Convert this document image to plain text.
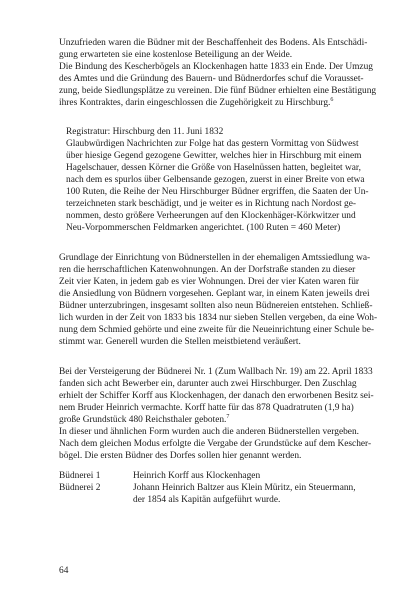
Unzufrieden waren die Büdner mit der Beschaffenheit des Bodens. Als Entschädi-
gung erwarteten sie eine kostenlose Beteiligung an der Weide.

Die Bindung des Kescherbögels an Klockenhagen hatte 1833 ein Ende. Der Umzug
des Amtes und die Gründung des Bauern- und Büdnerdorfes schuf die Vorausset-
zung, beide Siedlungsplätze zu vereinen. Die fünf Büdner erhielten eine Bestätigung
ihres Kontraktes, darin eingeschlossen die Zugehörigkeit zu Hirschburg.$^6$

Registratur: Hirschburg den 11. Juni 1832
Glaubwürdigen Nachrichten zur Folge hat das gestern Vormittag von Südwest
über hiesige Gegend gezogene Gewitter, welches hier in Hirschburg mit einem
Hagelschauer, dessen Körner die Größe von Haselnüssen hatten, begleitet war,
nach dem es spurlos über Gelbensande gezogen, zuerst in einer Breite von etwa
100 Ruten, die Reihe der Neu Hirschburger Büdner ergriffen, die Saaten der Un-
terzeichneten stark beschädigt, und je weiter es in Richtung nach Nordost ge-
nommen, desto größere Verheerungen auf den Klockenhäger-Körkwitzer und
Neu-Vorpommerschen Feldmarken angerichtet. (100 Ruten = 460 Meter)

Grundlage der Einrichtung von Büdnerstellen in der ehemaligen Amtssiedlung wa-
ren die herrschaftlichen Katenwohnungen. An der Dorfstraße standen zu dieser
Zeit vier Katen, in jedem gab es vier Wohnungen. Drei der vier Katen waren für
die Ansiedlung von Büdnern vorgesehen. Geplant war, in einem Katen jeweils drei
Büdner unterzubringen, insgesamt sollten also neun Büdnereien entstehen. Schließ-
lich wurden in der Zeit von 1833 bis 1834 nur sieben Stellen vergeben, da eine Woh-
nung dem Schmied gehörte und eine zweite für die Neueinrichtung einer Schule be-
stimmt war. Generell wurden die Stellen meistbietend veräußert.

Bei der Versteigerung der Büdnerei Nr. 1 (Zum Wallbach Nr. 19) am 22. April 1833
fanden sich acht Bewerber ein, darunter auch zwei Hirschburger. Den Zuschlag
erhielt der Schiffer Korff aus Klockenhagen, der danach den erworbenen Besitz sei-
nem Bruder Heinrich vermachte. Korff hatte für das 878 Quadratruten (1,9 ha)
große Grundstück 480 Reichsthaler geboten.$^7$

In dieser und ähnlichen Form wurden auch die anderen Büdnerstellen vergeben.
Nach dem gleichen Modus erfolgte die Vergabe der Grundstücke auf dem Kescher-
bögel. Die ersten Büdner des Dorfes sollen hier genannt werden.

Büdnerei 1	Heinrich Korff aus Klockenhagen
Büdnerei 2	Johann Heinrich Baltzer aus Klein Müritz, ein Steuermann,
der 1854 als Kapitän aufgeführt wurde.
64
